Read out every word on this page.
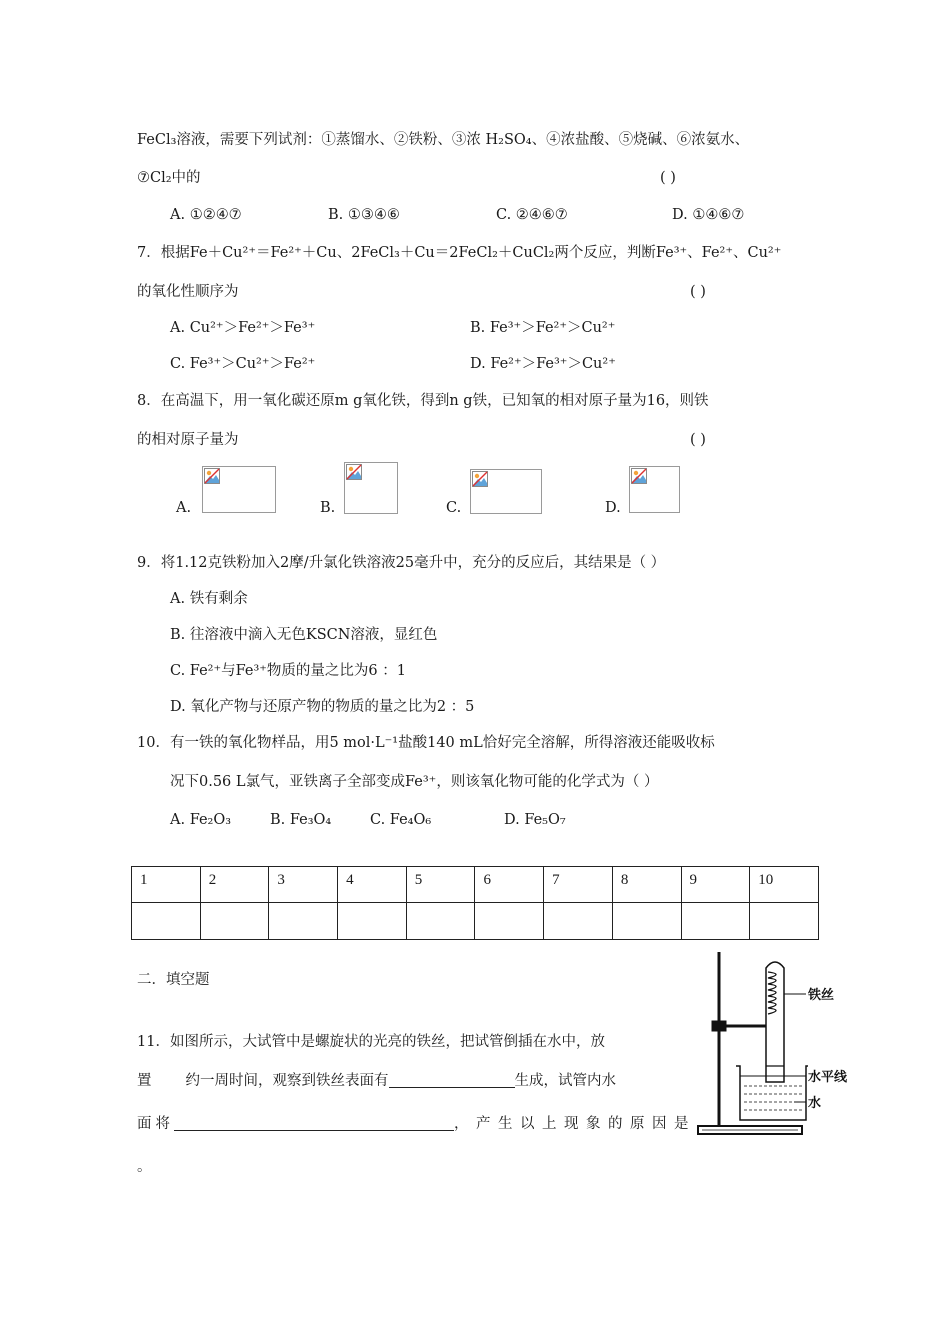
FeCl₃溶液，需要下列试剂：①蒸馏水、②铁粉、③浓 H₂SO₄、④浓盐酸、⑤烧碱、⑥浓氨水、
⑦Cl₂中的	( )
A. ①②④⑦	B. ①③④⑥	C. ②④⑥⑦	D. ①④⑥⑦
7．根据Fe＋Cu²⁺＝Fe²⁺＋Cu、2FeCl₃＋Cu＝2FeCl₂＋CuCl₂两个反应，判断Fe³⁺、Fe²⁺、Cu²⁺
的氧化性顺序为	( )
A. Cu²⁺＞Fe²⁺＞Fe³⁺	B. Fe³⁺＞Fe²⁺＞Cu²⁺
C. Fe³⁺＞Cu²⁺＞Fe²⁺	D. Fe²⁺＞Fe³⁺＞Cu²⁺
8．在高温下，用一氧化碳还原m g氧化铁，得到n g铁，已知氧的相对原子量为16，则铁
的相对原子量为	( )
A.	B.	C.	D.
9．将1.12克铁粉加入2摩/升氯化铁溶液25毫升中，充分的反应后，其结果是（ ）
A. 铁有剩余
B. 往溶液中滴入无色KSCN溶液，显红色
C. Fe²⁺与Fe³⁺物质的量之比为6 ：1
D. 氧化产物与还原产物的物质的量之比为2 ：5
10．有一铁的氧化物样品，用5 mol·L⁻¹盐酸140 mL恰好完全溶解，所得溶液还能吸收标
况下0.56 L氯气，亚铁离子全部变成Fe³⁺，则该氧化物可能的化学式为（ ）
A. Fe₂O₃	B. Fe₃O₄	C. Fe₄O₆	D. Fe₅O₇
1	2	3	4	5	6	7	8	9	10

二．填空题
11．如图所示，大试管中是螺旋状的光亮的铁丝，把试管倒插在水中，放
置 约一周时间，观察到铁丝表面有	生成，试管内水
面将	，产生以上现象的原因是
。
铁丝
水平线
水
